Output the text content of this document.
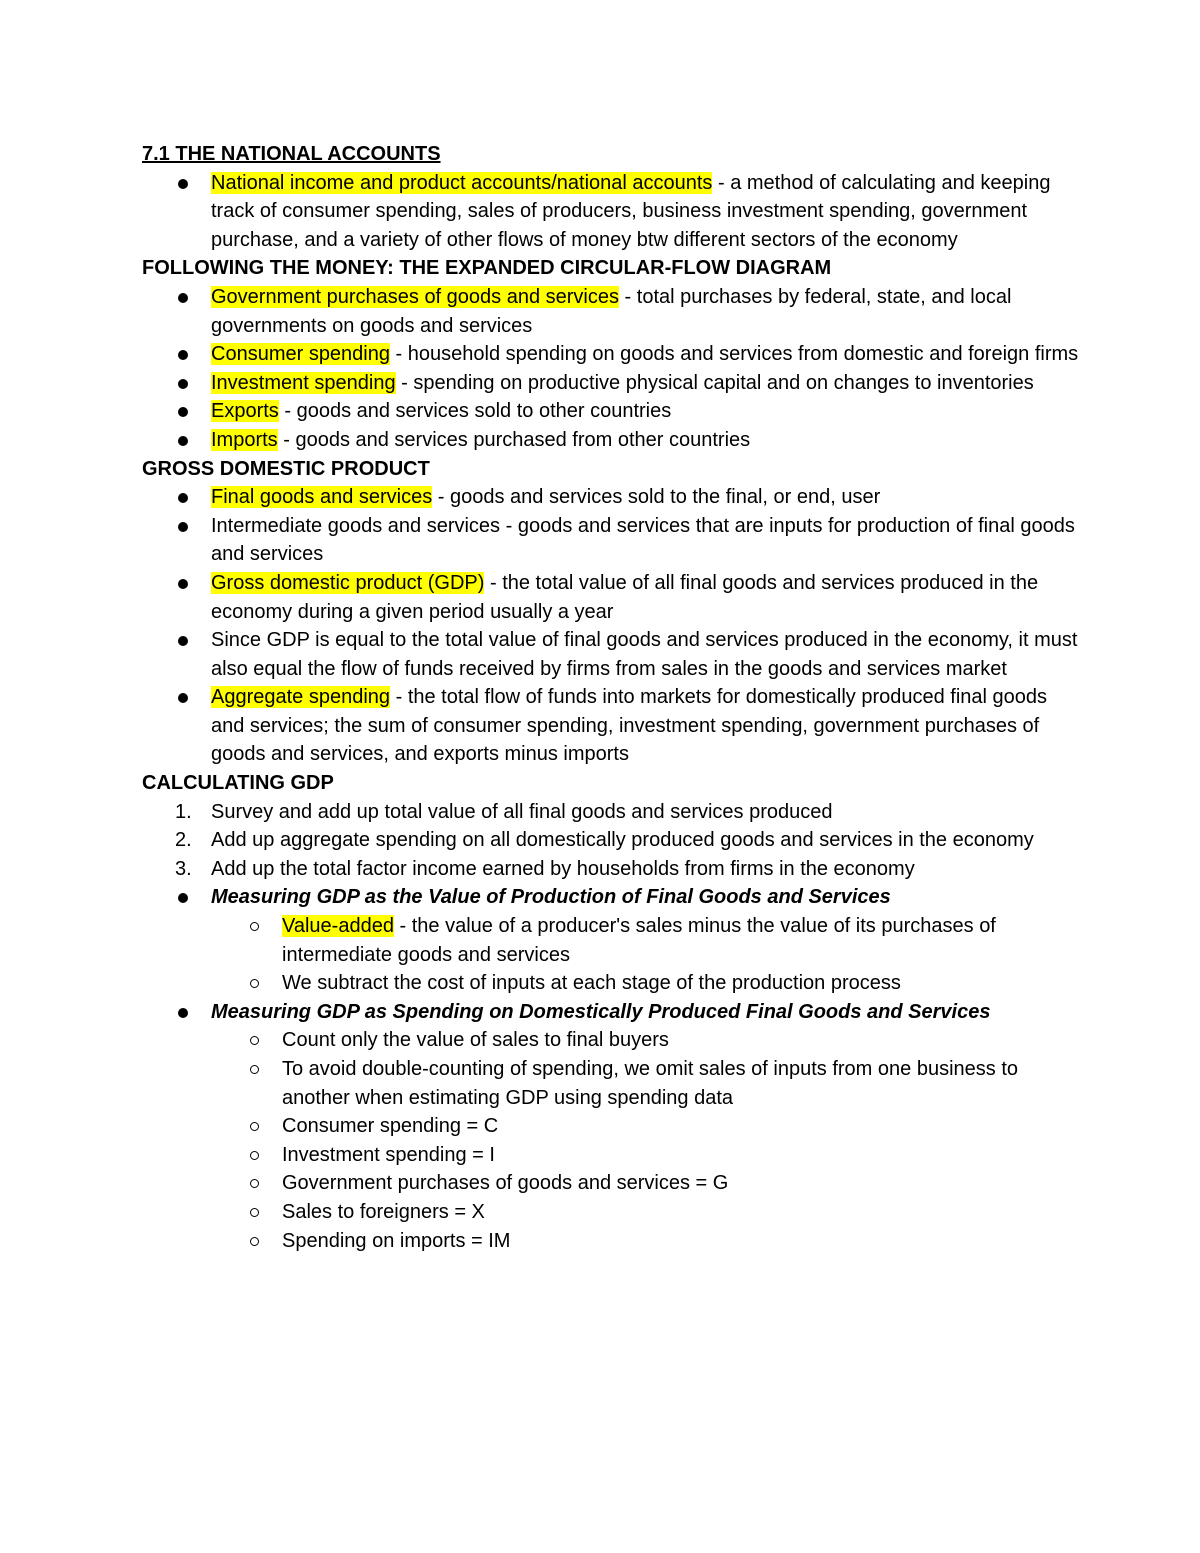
7.1 THE NATIONAL ACCOUNTS
National income and product accounts/national accounts - a method of calculating and keeping track of consumer spending, sales of producers, business investment spending, government purchase, and a variety of other flows of money btw different sectors of the economy
FOLLOWING THE MONEY: THE EXPANDED CIRCULAR-FLOW DIAGRAM
Government purchases of goods and services - total purchases by federal, state, and local governments on goods and services
Consumer spending - household spending on goods and services from domestic and foreign firms
Investment spending - spending on productive physical capital and on changes to inventories
Exports - goods and services sold to other countries
Imports - goods and services purchased from other countries
GROSS DOMESTIC PRODUCT
Final goods and services - goods and services sold to the final, or end, user
Intermediate goods and services - goods and services that are inputs for production of final goods and services
Gross domestic product (GDP) - the total value of all final goods and services produced in the economy during a given period usually a year
Since GDP is equal to the total value of final goods and services produced in the economy, it must also equal the flow of funds received by firms from sales in the goods and services market
Aggregate spending - the total flow of funds into markets for domestically produced final goods and services; the sum of consumer spending, investment spending, government purchases of goods and services, and exports minus imports
CALCULATING GDP
1. Survey and add up total value of all final goods and services produced
2. Add up aggregate spending on all domestically produced goods and services in the economy
3. Add up the total factor income earned by households from firms in the economy
Measuring GDP as the Value of Production of Final Goods and Services
Value-added - the value of a producer's sales minus the value of its purchases of intermediate goods and services
We subtract the cost of inputs at each stage of the production process
Measuring GDP as Spending on Domestically Produced Final Goods and Services
Count only the value of sales to final buyers
To avoid double-counting of spending, we omit sales of inputs from one business to another when estimating GDP using spending data
Consumer spending = C
Investment spending = I
Government purchases of goods and services = G
Sales to foreigners = X
Spending on imports = IM
